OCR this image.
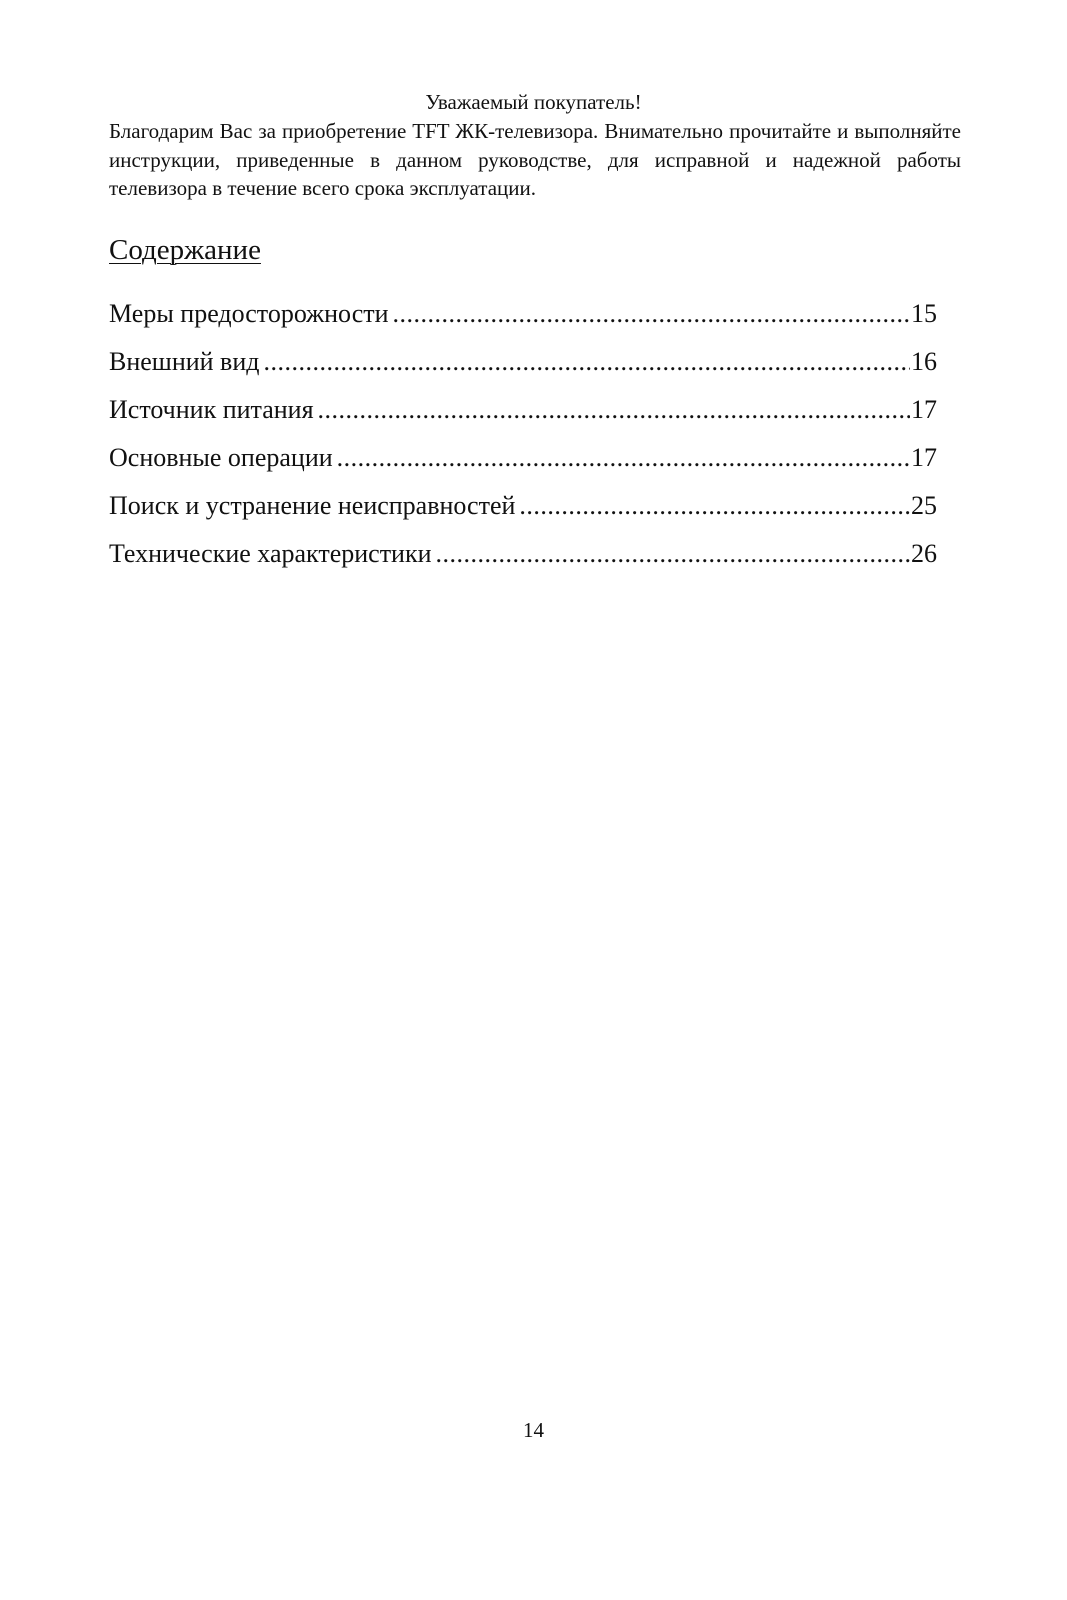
Уважаемый покупатель!
Благодарим Вас за приобретение TFT ЖК-телевизора. Внимательно прочитайте и выполняйте инструкции, приведенные в данном руководстве, для исправной и надежной работы телевизора в течение всего срока эксплуатации.
Содержание
Меры предосторожности .....	15
Внешний вид .....	16
Источник питания .....	17
Основные операции .....	17
Поиск и устранение неисправностей .....	25
Технические характеристики .....	26
14
